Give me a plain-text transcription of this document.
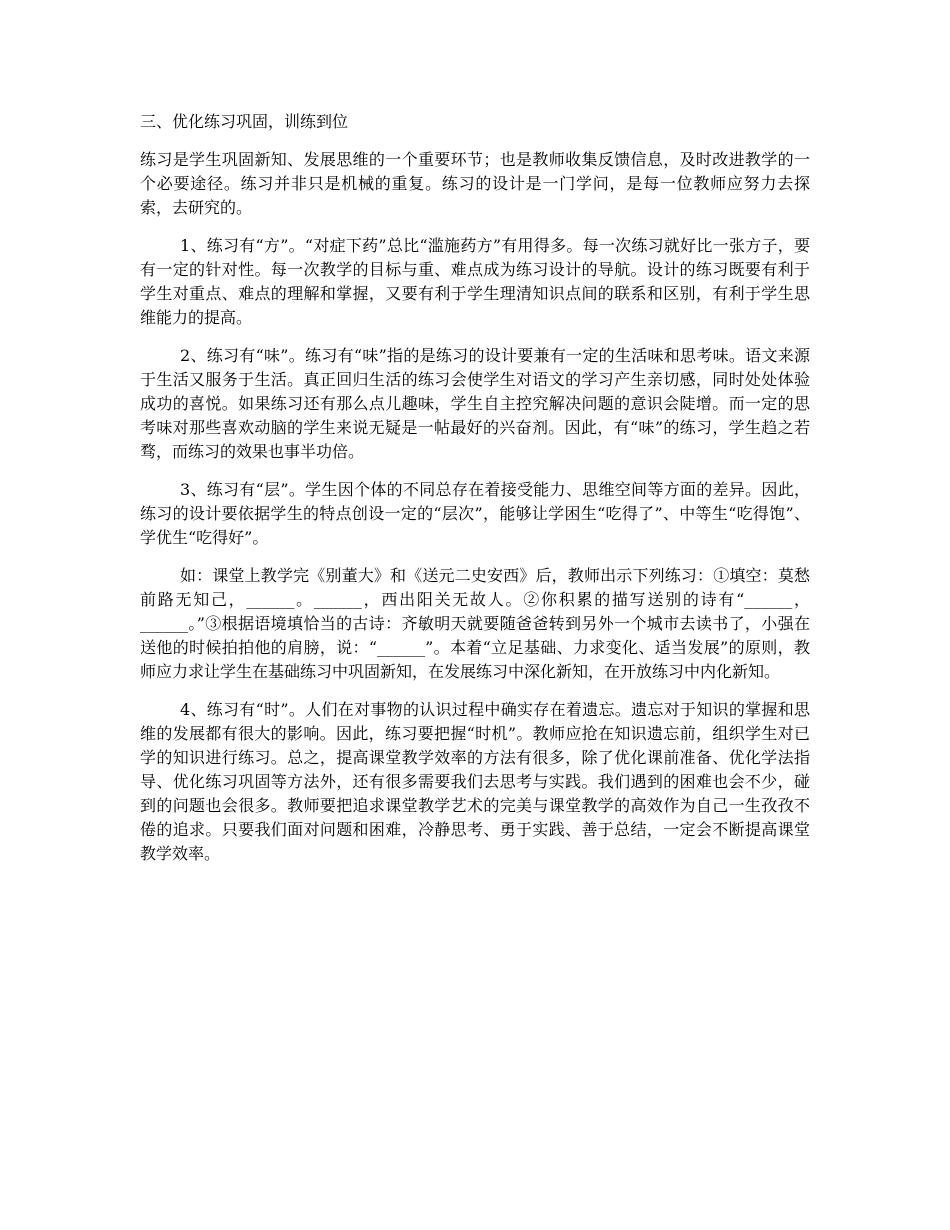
三、优化练习巩固，训练到位

练习是学生巩固新知、发展思维的一个重要环节；也是教师收集反馈信息，及时改进教学的一个必要途径。练习并非只是机械的重复。练习的设计是一门学问，是每一位教师应努力去探索，去研究的。

1、练习有“方”。“对症下药”总比“滥施药方”有用得多。每一次练习就好比一张方子，要有一定的针对性。每一次教学的目标与重、难点成为练习设计的导航。设计的练习既要有利于学生对重点、难点的理解和掌握，又要有利于学生理清知识点间的联系和区别，有利于学生思维能力的提高。

2、练习有“味”。练习有“味”指的是练习的设计要兼有一定的生活味和思考味。语文来源于生活又服务于生活。真正回归生活的练习会使学生对语文的学习产生亲切感，同时处处体验成功的喜悦。如果练习还有那么点儿趣味，学生自主控究解决问题的意识会陡增。而一定的思考味对那些喜欢动脑的学生来说无疑是一帖最好的兴奋剂。因此，有“味”的练习，学生趋之若骛，而练习的效果也事半功倍。

3、练习有“层”。学生因个体的不同总存在着接受能力、思维空间等方面的差异。因此，练习的设计要依据学生的特点创设一定的“层次”，能够让学困生“吃得了”、中等生“吃得饱”、学优生“吃得好”。

如：课堂上教学完《别董大》和《送元二史安西》后，教师出示下列练习：①填空：莫愁前路无知己，______。______，西出阳关无故人。②你积累的描写送别的诗有“______，______。”③根据语境填恰当的古诗：齐敏明天就要随爸爸转到另外一个城市去读书了，小强在送他的时候拍拍他的肩膀，说：“______”。本着“立足基础、力求变化、适当发展”的原则，教师应力求让学生在基础练习中巩固新知，在发展练习中深化新知，在开放练习中内化新知。

4、练习有“时”。人们在对事物的认识过程中确实存在着遗忘。遗忘对于知识的掌握和思维的发展都有很大的影响。因此，练习要把握“时机”。教师应抢在知识遗忘前，组织学生对已学的知识进行练习。总之，提高课堂教学效率的方法有很多，除了优化课前准备、优化学法指导、优化练习巩固等方法外，还有很多需要我们去思考与实践。我们遇到的困难也会不少，碰到的问题也会很多。教师要把追求课堂教学艺术的完美与课堂教学的高效作为自己一生孜孜不倦的追求。只要我们面对问题和困难，冷静思考、勇于实践、善于总结，一定会不断提高课堂教学效率。
